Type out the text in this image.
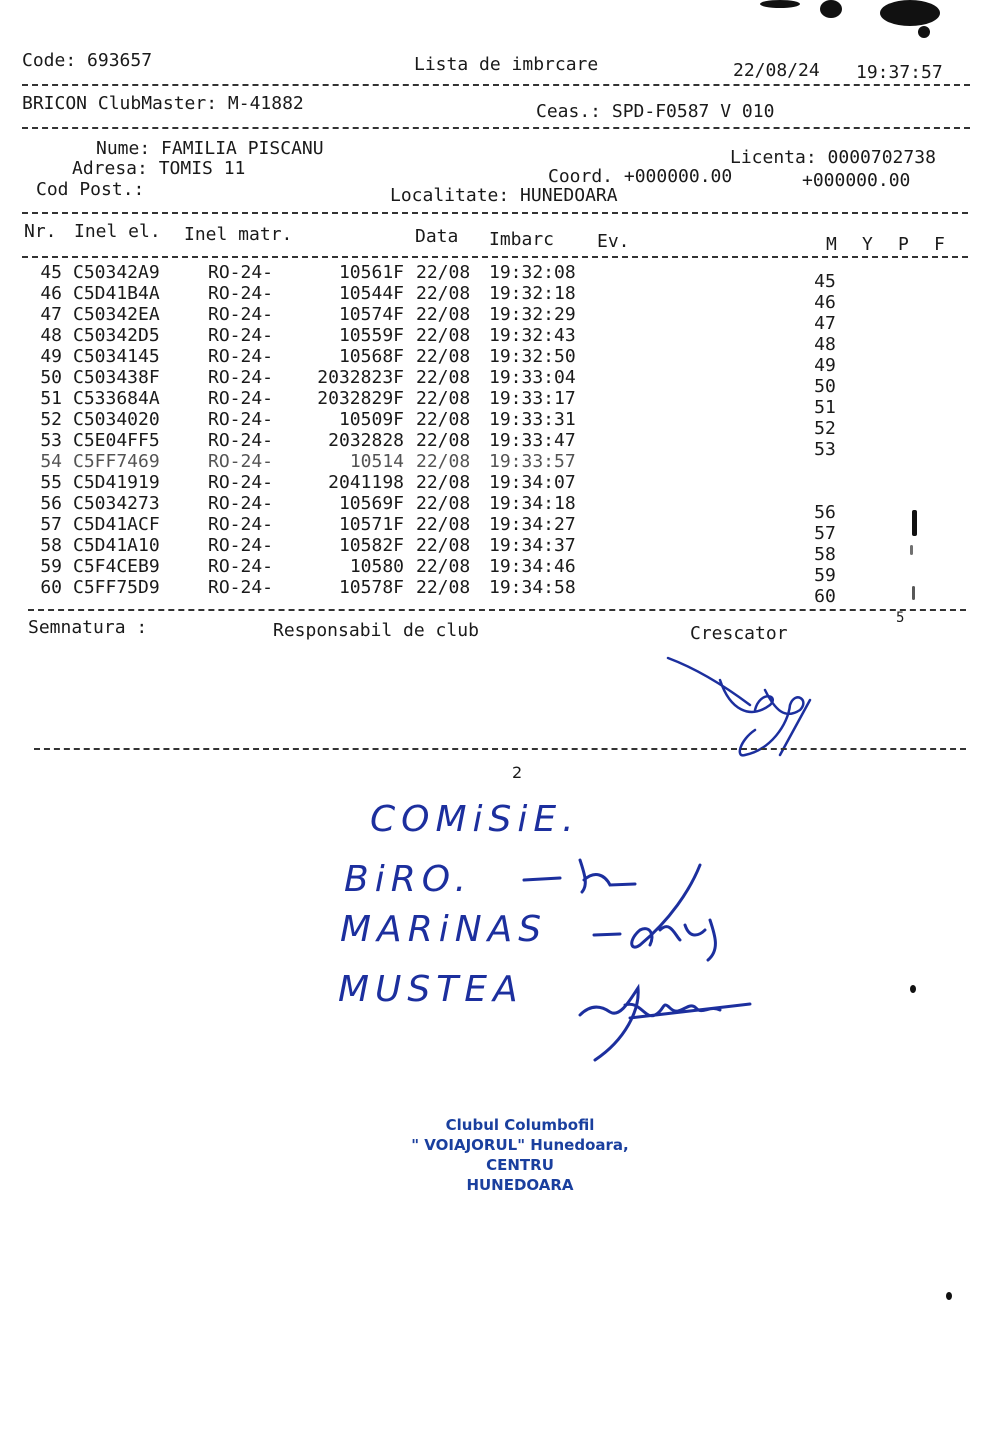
Code: 693657	Lista de imbrcare	22/08/24 19:37:57
BRICON ClubMaster: M-41882	Ceas.: SPD-F0587 V 010
Nume: FAMILIA PISCANU	Licenta: 0000702738
Adresa: TOMIS 11	Coord. +000000.00	+000000.00
Cod Post.:	Localitate: HUNEDOARA
Nr. Inel el. Inel matr.	Data Imbarc Ev.	M Y P F
45 C50342A9	RO-24-	10561F 22/08 19:32:08	45
46 C5D41B4A	RO-24-	10544F 22/08 19:32:18	46
47 C50342EA	RO-24-	10574F 22/08 19:32:29	47
48 C50342D5	RO-24-	10559F 22/08 19:32:43	48
49 C5034145	RO-24-	10568F 22/08 19:32:50	49
50 C503438F	RO-24-	2032823F 22/08 19:33:04	50
51 C533684A	RO-24-	2032829F 22/08 19:33:17	51
52 C5034020	RO-24-	10509F 22/08 19:33:31	52
53 C5E04FF5	RO-24-	2032828 22/08 19:33:47	53
54 C5FF7469	RO-24-	10514 22/08 19:33:57
55 C5D41919	RO-24-	2041198 22/08 19:34:07
56 C5034273	RO-24-	10569F 22/08 19:34:18	56
57 C5D41ACF	RO-24-	10571F 22/08 19:34:27	57
58 C5D41A10	RO-24-	10582F 22/08 19:34:37	58
59 C5F4CEB9	RO-24-	10580 22/08 19:34:46	59
60 C5FF75D9	RO-24-	10578F 22/08 19:34:58	60
5
Semnatura :	Responsabil de club	Crescator
2
COMiSiE.
BiRO.
MARiNAS
MUSTEA
Clubul Columbofil
" VOIAJORUL" Hunedoara,
CENTRU
HUNEDOARA
